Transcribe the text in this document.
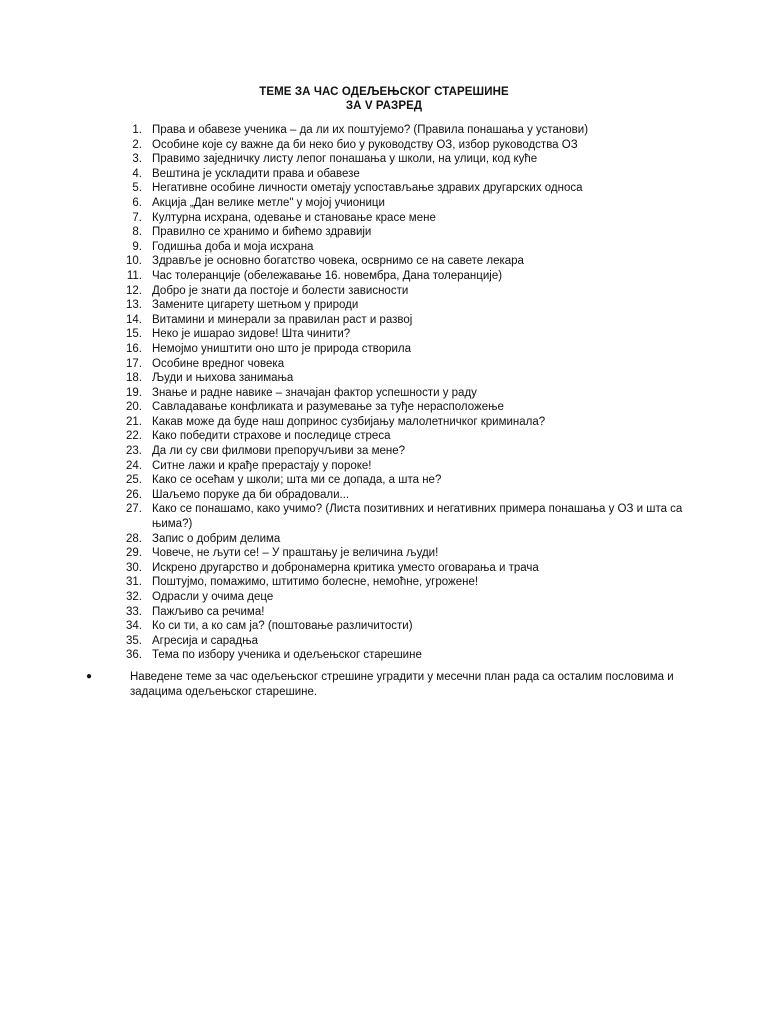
ТЕМЕ ЗА ЧАС ОДЕЉЕЊСКОГ СТАРЕШИНЕ
ЗА V РАЗРЕД
1. Права и обавезе ученика – да ли их поштујемо? (Правила понашања у установи)
2. Особине које су важне да би неко био у руководству ОЗ, избор руководства ОЗ
3. Правимо заједничку листу лепог понашања у школи, на улици, код куће
4. Вештина је ускладити права и обавезе
5. Негативне особине личности ометају успостављање здравих другарских односа
6. Акција „Дан велике метле" у мојој учионици
7. Културна исхрана, одевање и становање красе мене
8. Правилно се хранимо и бићемо здравији
9. Годишња доба и моја исхрана
10. Здравље је основно богатство човека, осврнимо се на савете лекара
11. Час толеранције (обележавање 16. новембра, Дана толеранције)
12. Добро је знати да постоје и болести зависности
13. Замените цигарету шетњом у природи
14. Витамини и минерали за правилан раст и развој
15. Неко је ишарао зидове! Шта чинити?
16. Немојмо уништити оно што је природа створила
17. Особине вредног човека
18. Људи и њихова занимања
19. Знање и радне навике – значајан фактор успешности у раду
20. Савладавање конфликата и разумевање за туђе нерасположење
21. Какав може да буде наш допринос сузбијању малолетничког криминала?
22. Како победити страхове и последице стреса
23. Да ли су сви филмови препоручљиви за мене?
24. Ситне лажи и крађе прерастају у пороке!
25. Како се осећам у школи; шта ми се допада, а шта не?
26. Шаљемо поруке да би обрадовали...
27. Како се понашамо, како учимо? (Листа позитивних и негативних примера понашања у ОЗ и шта са њима?)
28. Запис о добрим делима
29. Човече, не љути се! – У праштању је величина људи!
30. Искрено другарство и добронамерна критика уместо оговарања и трача
31. Поштујмо, помажимо, штитимо болесне, немоћне, угрожене!
32. Одрасли у очима деце
33. Пажљиво са речима!
34. Ко си ти, а ко сам ја? (поштовање различитости)
35. Агресија и сарадња
36. Тема по избору ученика и одељењског старешине
●	Наведене теме за час одељењског стрешине уградити у месечни план рада са осталим пословима и задацима одељењског старешине.
